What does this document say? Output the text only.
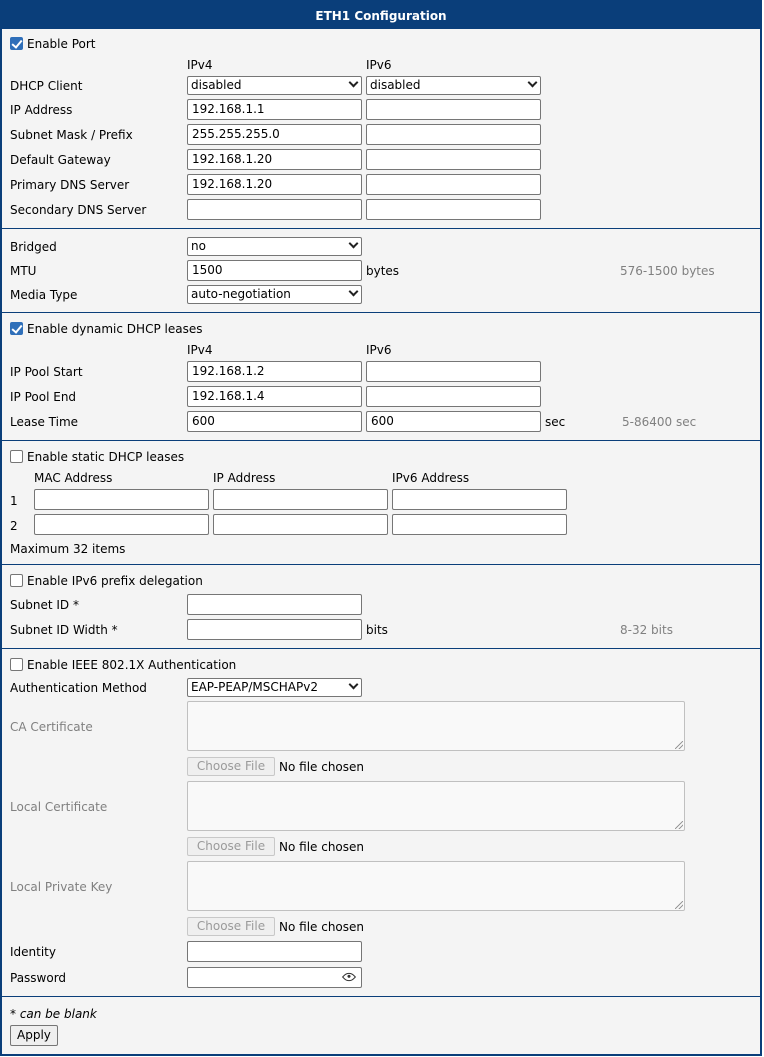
ETH1 Configuration
Enable Port
IPv4	IPv6
DHCP Client	disabled	disabled
IP Address	192.168.1.1
Subnet Mask / Prefix	255.255.255.0
Default Gateway	192.168.1.20
Primary DNS Server	192.168.1.20
Secondary DNS Server
Bridged	no
MTU	1500	bytes	576-1500 bytes
Media Type	auto-negotiation
Enable dynamic DHCP leases
IPv4	IPv6
IP Pool Start	192.168.1.2
IP Pool End	192.168.1.4
Lease Time	600	600	sec	5-86400 sec
Enable static DHCP leases
MAC Address	IP Address	IPv6 Address
1
2
Maximum 32 items
Enable IPv6 prefix delegation
Subnet ID *
Subnet ID Width *	bits	8-32 bits
Enable IEEE 802.1X Authentication
Authentication Method	EAP-PEAP/MSCHAPv2
CA Certificate
Choose File	No file chosen
Local Certificate
Choose File	No file chosen
Local Private Key
Choose File	No file chosen
Identity
Password
* can be blank
Apply
